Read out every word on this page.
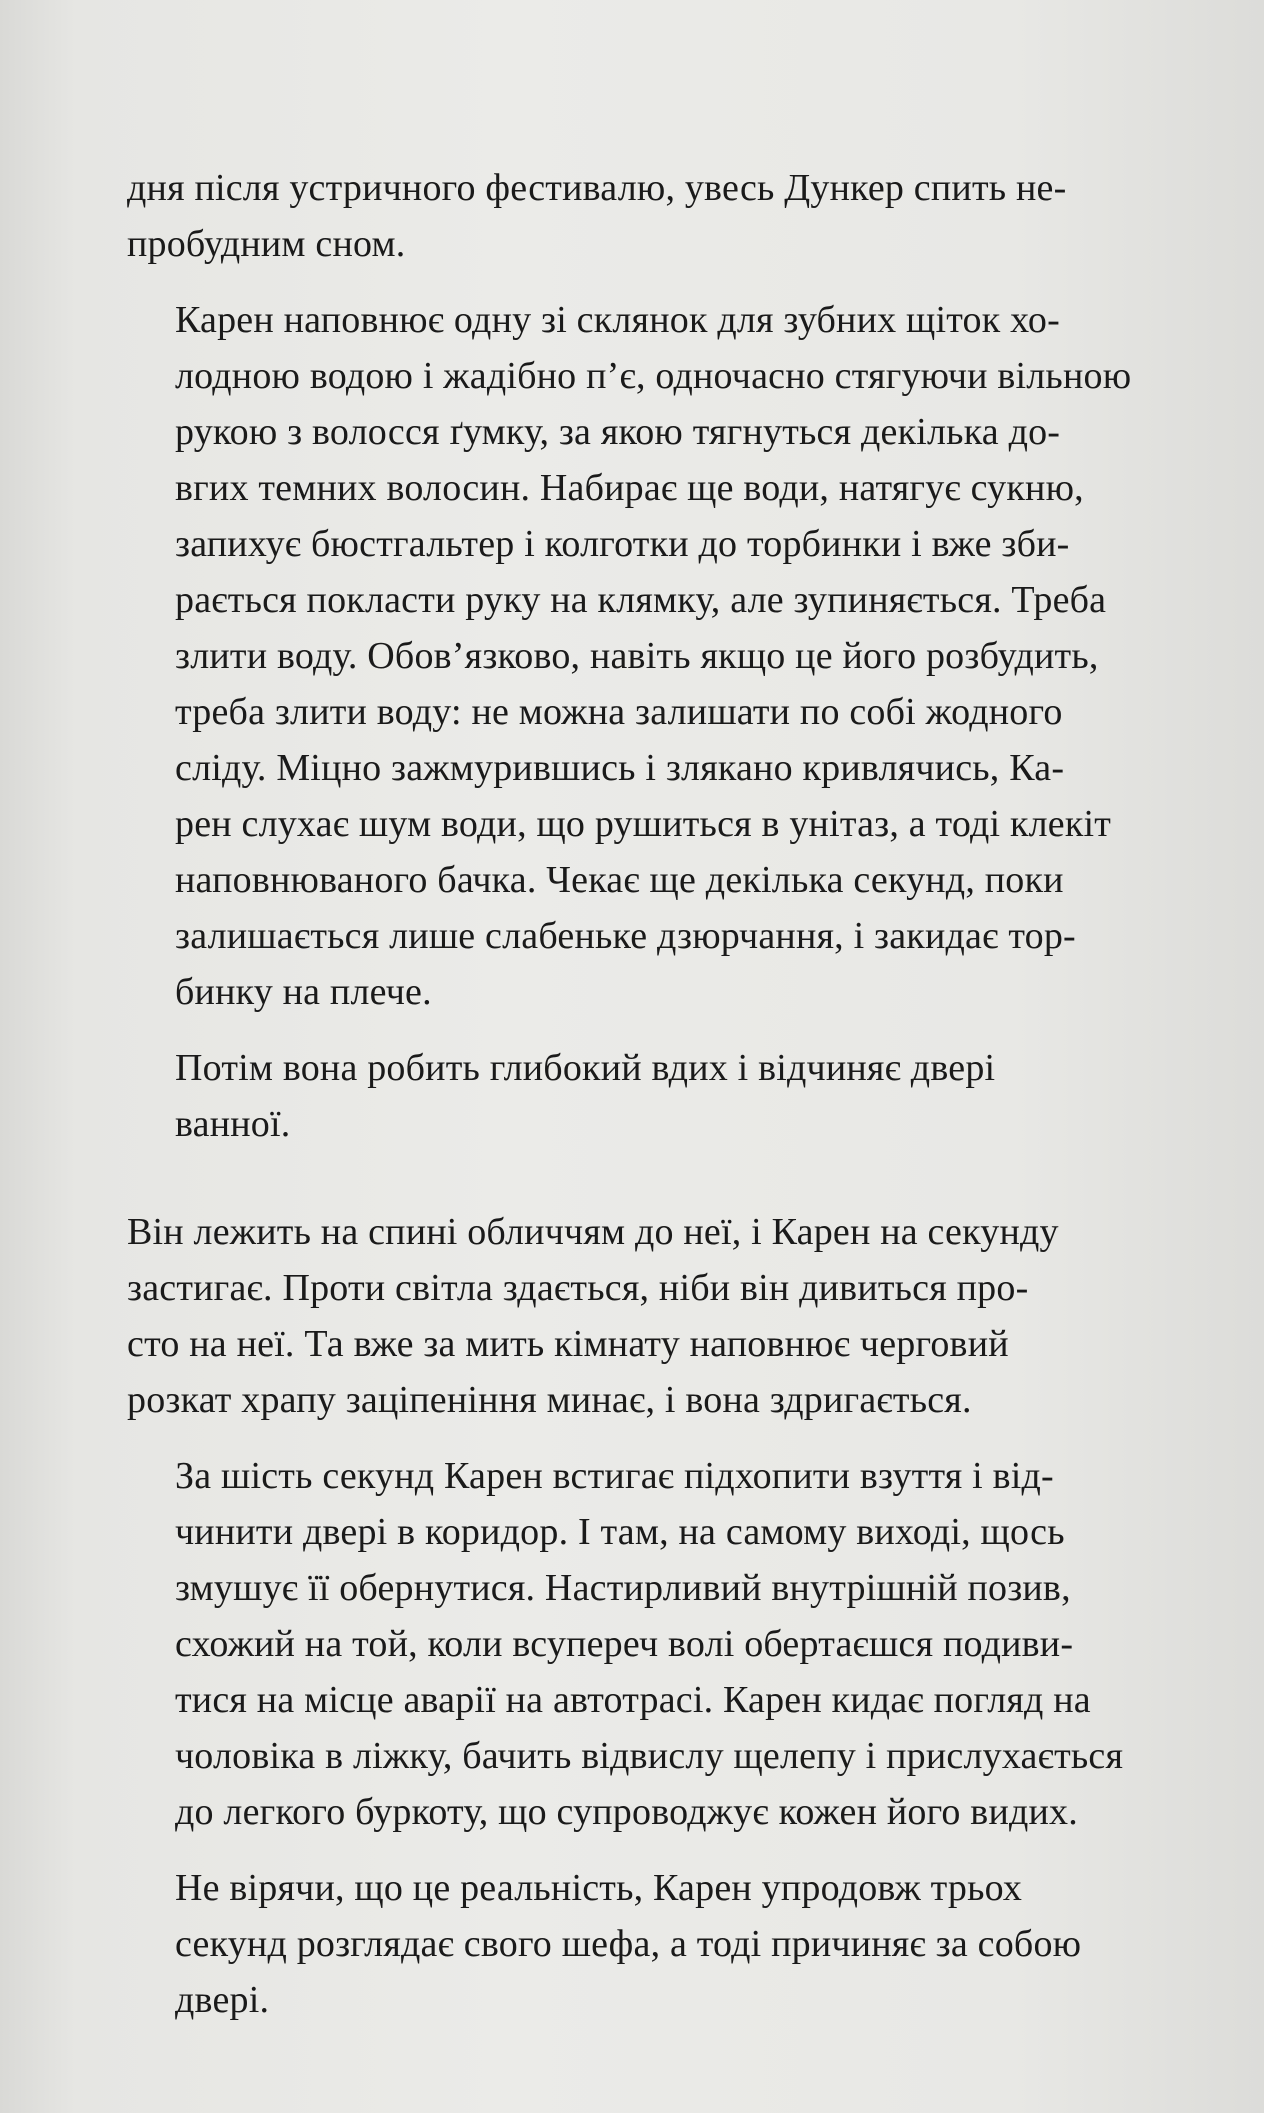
дня після устричного фестивалю, увесь Дункер спить не-
пробудним сном.

Карен наповнює одну зі склянок для зубних щіток хо-
лодною водою і жадібно п’є, одночасно стягуючи вільною
рукою з волосся ґумку, за якою тягнуться декілька до-
вгих темних волосин. Набирає ще води, натягує сукню,
запихує бюстгальтер і колготки до торбинки і вже зби-
рається покласти руку на клямку, але зупиняється. Треба
злити воду. Обов’язково, навіть якщо це його розбудить,
треба злити воду: не можна залишати по собі жодного
сліду. Міцно зажмурившись і злякано кривлячись, Ка-
рен слухає шум води, що рушиться в унітаз, а тоді клекіт
наповнюваного бачка. Чекає ще декілька секунд, поки
залишається лише слабеньке дзюрчання, і закидає тор-
бинку на плече.

Потім вона робить глибокий вдих і відчиняє двері
ванної.

Він лежить на спині обличчям до неї, і Карен на секунду
застигає. Проти світла здається, ніби він дивиться про-
сто на неї. Та вже за мить кімнату наповнює черговий
розкат храпу заціпеніння минає, і вона здригається.

За шість секунд Карен встигає підхопити взуття і від-
чинити двері в коридор. І там, на самому виході, щось
змушує її обернутися. Настирливий внутрішній позив,
схожий на той, коли всупереч волі обертаєшся подиви-
тися на місце аварії на автотрасі. Карен кидає погляд на
чоловіка в ліжку, бачить відвислу щелепу і прислухається
до легкого буркоту, що супроводжує кожен його видих.

Не вірячи, що це реальність, Карен упродовж трьох
секунд розглядає свого шефа, а тоді причиняє за собою
двері.
